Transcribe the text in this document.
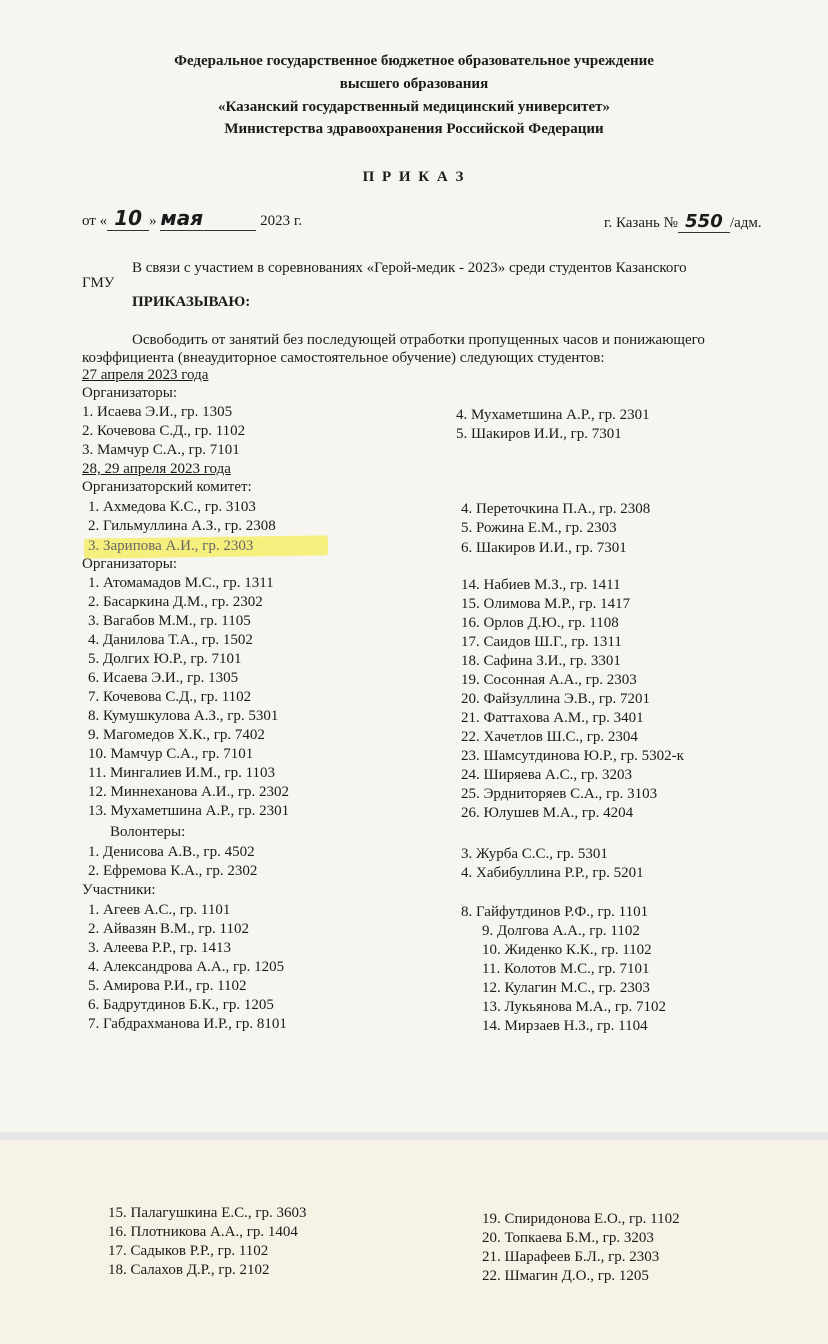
Федеральное государственное бюджетное образовательное учреждение
высшего образования
«Казанский государственный медицинский университет»
Министерства здравоохранения Российской Федерации
П Р И К А З
от « 10 » мая	2023 г.	г. Казань № 550 /адм.
В связи с участием в соревнованиях «Герой-медик - 2023» среди студентов Казанского
ГМУ
ПРИКАЗЫВАЮ:
Освободить от занятий без последующей отработки пропущенных часов и понижающего
коэффициента (внеаудиторное самостоятельное обучение) следующих студентов:
27 апреля 2023 года
Организаторы:
1. Исаева Э.И., гр. 1305
2. Кочевова С.Д., гр. 1102
3. Мамчур С.А., гр. 7101
4. Мухаметшина А.Р., гр. 2301
5. Шакиров И.И., гр. 7301
28, 29 апреля 2023 года
Организаторский комитет:
1. Ахмедова К.С., гр. 3103
2. Гильмуллина А.З., гр. 2308
3. Зарипова А.И., гр. 2303
4. Переточкина П.А., гр. 2308
5. Рожина Е.М., гр. 2303
6. Шакиров И.И., гр. 7301
Организаторы:
1. Атомамадов М.С., гр. 1311
2. Басаркина Д.М., гр. 2302
3. Вагабов М.М., гр. 1105
4. Данилова Т.А., гр. 1502
5. Долгих Ю.Р., гр. 7101
6. Исаева Э.И., гр. 1305
7. Кочевова С.Д., гр. 1102
8. Кумушкулова А.З., гр. 5301
9. Магомедов Х.К., гр. 7402
10. Мамчур С.А., гр. 7101
11. Мингалиев И.М., гр. 1103
12. Миннеханова А.И., гр. 2302
13. Мухаметшина А.Р., гр. 2301
14. Набиев М.З., гр. 1411
15. Олимова М.Р., гр. 1417
16. Орлов Д.Ю., гр. 1108
17. Саидов Ш.Г., гр. 1311
18. Сафина З.И., гр. 3301
19. Сосонная А.А., гр. 2303
20. Файзуллина Э.В., гр. 7201
21. Фаттахова А.М., гр. 3401
22. Хачетлов Ш.С., гр. 2304
23. Шамсутдинова Ю.Р., гр. 5302-к
24. Ширяева А.С., гр. 3203
25. Эрдниторяев С.А., гр. 3103
26. Юлушев М.А., гр. 4204
Волонтеры:
1. Денисова А.В., гр. 4502
2. Ефремова К.А., гр. 2302
3. Журба С.С., гр. 5301
4. Хабибуллина Р.Р., гр. 5201
Участники:
1. Агеев А.С., гр. 1101
2. Айвазян В.М., гр. 1102
3. Алеева Р.Р., гр. 1413
4. Александрова А.А., гр. 1205
5. Амирова Р.И., гр. 1102
6. Бадрутдинов Б.К., гр. 1205
7. Габдрахманова И.Р., гр. 8101
8. Гайфутдинов Р.Ф., гр. 1101
9. Долгова А.А., гр. 1102
10. Жиденко К.К., гр. 1102
11. Колотов М.С., гр. 7101
12. Кулагин М.С., гр. 2303
13. Лукьянова М.А., гр. 7102
14. Мирзаев Н.З., гр. 1104
15. Палагушкина Е.С., гр. 3603
16. Плотникова А.А., гр. 1404
17. Садыков Р.Р., гр. 1102
18. Салахов Д.Р., гр. 2102
19. Спиридонова Е.О., гр. 1102
20. Топкаева Б.М., гр. 3203
21. Шарафеев Б.Л., гр. 2303
22. Шмагин Д.О., гр. 1205
